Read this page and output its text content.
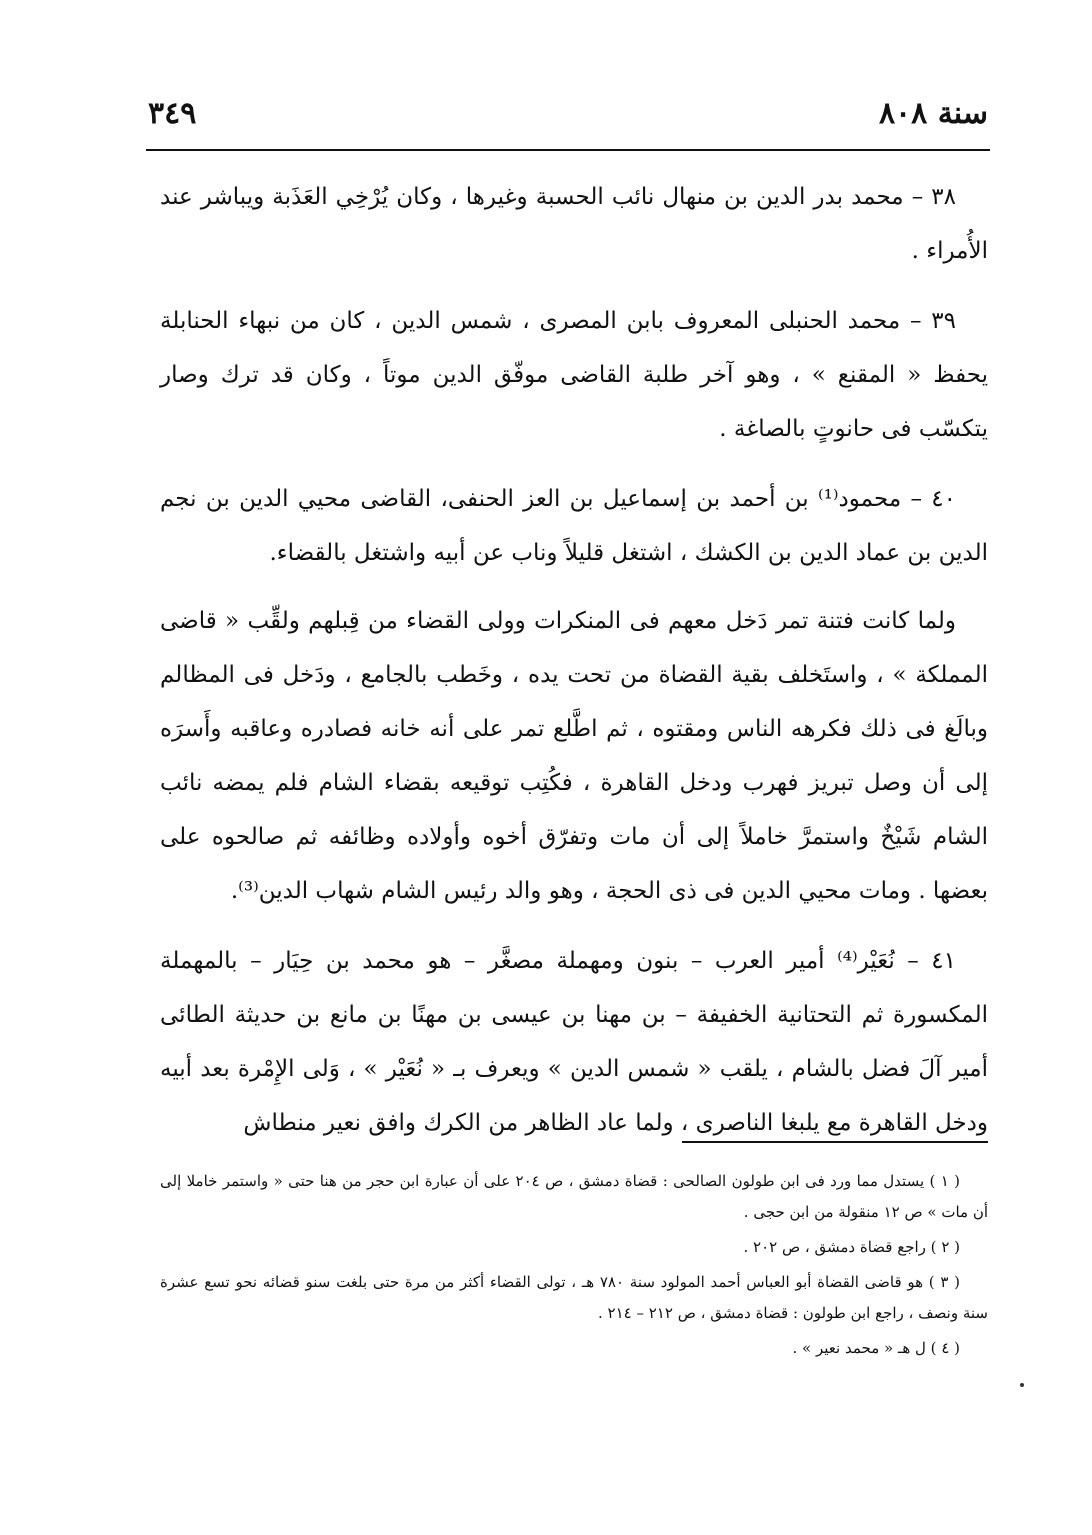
سنة ٨٠٨
٣٤٩

٣٨ – محمد بدر الدين بن منهال نائب الحسبة وغيرها ، وكان يُرْخِي العَذَبة ويباشر عند الأُمراء .

٣٩ – محمد الحنبلى المعروف بابن المصرى ، شمس الدين ، كان من نبهاء الحنابلة يحفظ « المقنع » ، وهو آخر طلبة القاضى موفّق الدين موتاً ، وكان قد ترك وصار يتكسّب فى حانوتٍ بالصاغة .

٤٠ – محمود⁽¹⁾ بن أحمد بن إسماعيل بن العز الحنفى، القاضى محيي الدين بن نجم الدين بن عماد الدين بن الكشك ، اشتغل قليلاً وناب عن أبيه واشتغل بالقضاء.

ولما كانت فتنة تمر دَخل معهم فى المنكرات وولى القضاء من قِبلهم ولقِّب « قاضى المملكة » ، واستَخلف بقية القضاة من تحت يده ، وخَطب بالجامع ، ودَخل فى المظالم وبالَغ فى ذلك فكرهه الناس ومقتوه ، ثم اطَّلع تمر على أنه خانه فصادره وعاقبه وأَسرَه إلى أن وصل تبريز فهرب ودخل القاهرة ، فكُتِب توقيعه بقضاء الشام فلم يمضه نائب الشام شَيْخٌ واستمرَّ خاملاً إلى أن مات وتفرّق أخوه وأولاده وظائفه ثم صالحوه على بعضها . ومات محيي الدين فى ذى الحجة ، وهو والد رئيس الشام شهاب الدين⁽³⁾.

٤١ – نُعَيْر⁽⁴⁾ أمير العرب – بنون ومهملة مصغَّر – هو محمد بن حِيَار – بالمهملة المكسورة ثم التحتانية الخفيفة – بن مهنا بن عيسى بن مهنًا بن مانع بن حديثة الطائى أمير آلَ فضل بالشام ، يلقب « شمس الدين » ويعرف بـ « نُعَيْر » ، وَلى الإِمْرة بعد أبيه ودخل القاهرة مع يلبغا الناصرى ، ولما عاد الظاهر من الكرك وافق نعير منطاش

( ١ ) يستدل مما ورد فى ابن طولون الصالحى : قضاة دمشق ، ص ٢٠٤ على أن عبارة ابن حجر من هنا حتى « واستمر خاملا إلى أن مات » ص ١٢ منقولة من ابن حجى .

( ٢ ) راجع قضاة دمشق ، ص ٢٠٢ .

( ٣ ) هو قاضى القضاة أبو العباس أحمد المولود سنة ٧٨٠ هـ ، تولى القضاء أكثر من مرة حتى بلغت سنو قضائه نحو تسع عشرة سنة ونصف ، راجع ابن طولون : قضاة دمشق ، ص ٢١٢ – ٢١٤ .

( ٤ ) ل هـ « محمد نعير » .
